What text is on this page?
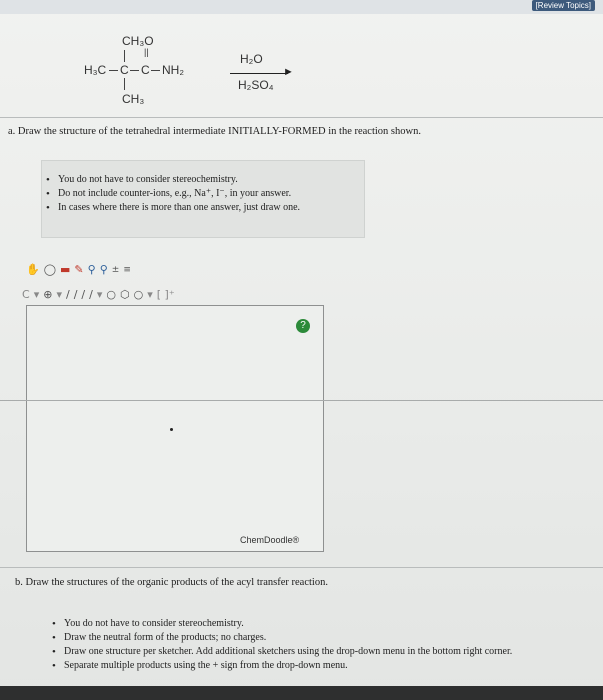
[Review Topics]
CH₃O
H₃C C C NH₂
||
CH₃
H₂O
►
H₂SO₄
a. Draw the structure of the tetrahedral intermediate INITIALLY-FORMED in the reaction shown.
• You do not have to consider stereochemistry.
• Do not include counter-ions, e.g., Na⁺, I⁻, in your answer.
• In cases where there is more than one answer, just draw one.
✋ ◯ ▬ ✎ ⚲ ⚲ ± ≡
C ▾ ⊕ ▾ / ∕ ∕ ∕ ▾ ○ ⬡ ○ ▾ [ ]⁺
?
ChemDoodle®
b. Draw the structures of the organic products of the acyl transfer reaction.
• You do not have to consider stereochemistry.
• Draw the neutral form of the products; no charges.
• Draw one structure per sketcher. Add additional sketchers using the drop-down menu in the bottom right corner.
• Separate multiple products using the + sign from the drop-down menu.
